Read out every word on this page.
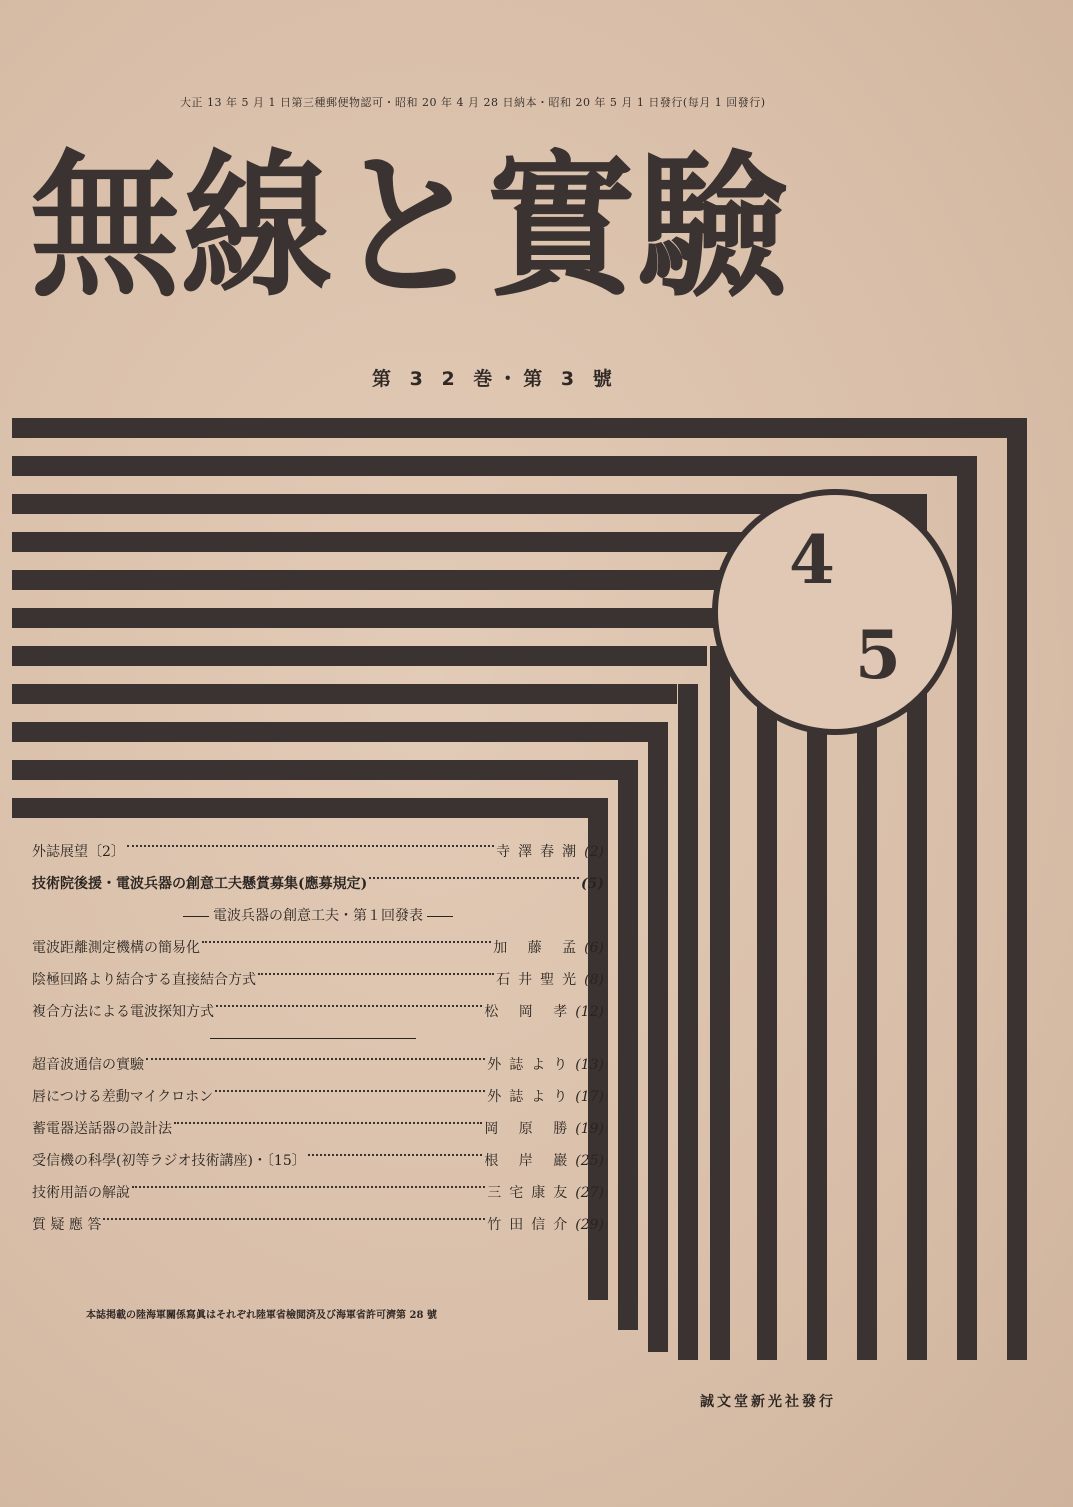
大正 13 年 5 月 1 日第三種郵便物認可・昭和 20 年 4 月 28 日納本・昭和 20 年 5 月 1 日發行(每月 1 回發行)
無線と實驗
第 3 2 巻・第 3 號
4
5
外誌展望〔2〕	寺澤春潮 (2)
技術院後援・電波兵器の創意工夫懸賞募集(應募規定)	(5)
電波兵器の創意工夫・第１回發表
電波距離測定機構の簡易化	加 藤 孟 (6)
陰極回路より結合する直接結合方式	石井聖光 (8)
複合方法による電波探知方式	松 岡 孝 (12)
超音波通信の實驗	外誌より (13)
唇につける差動マイクロホン	外誌より (17)
蓄電器送話器の設計法	岡 原 勝 (19)
受信機の科學(初等ラジオ技術講座)・〔15〕	根 岸 巖 (25)
技術用語の解說	三宅康友 (27)
質 疑 應 答	竹田信介 (29)
本誌掲載の陸海軍關係寫眞はそれぞれ陸軍省檢閲済及び海軍省許可濟第 28 號
誠文堂新光社發行
